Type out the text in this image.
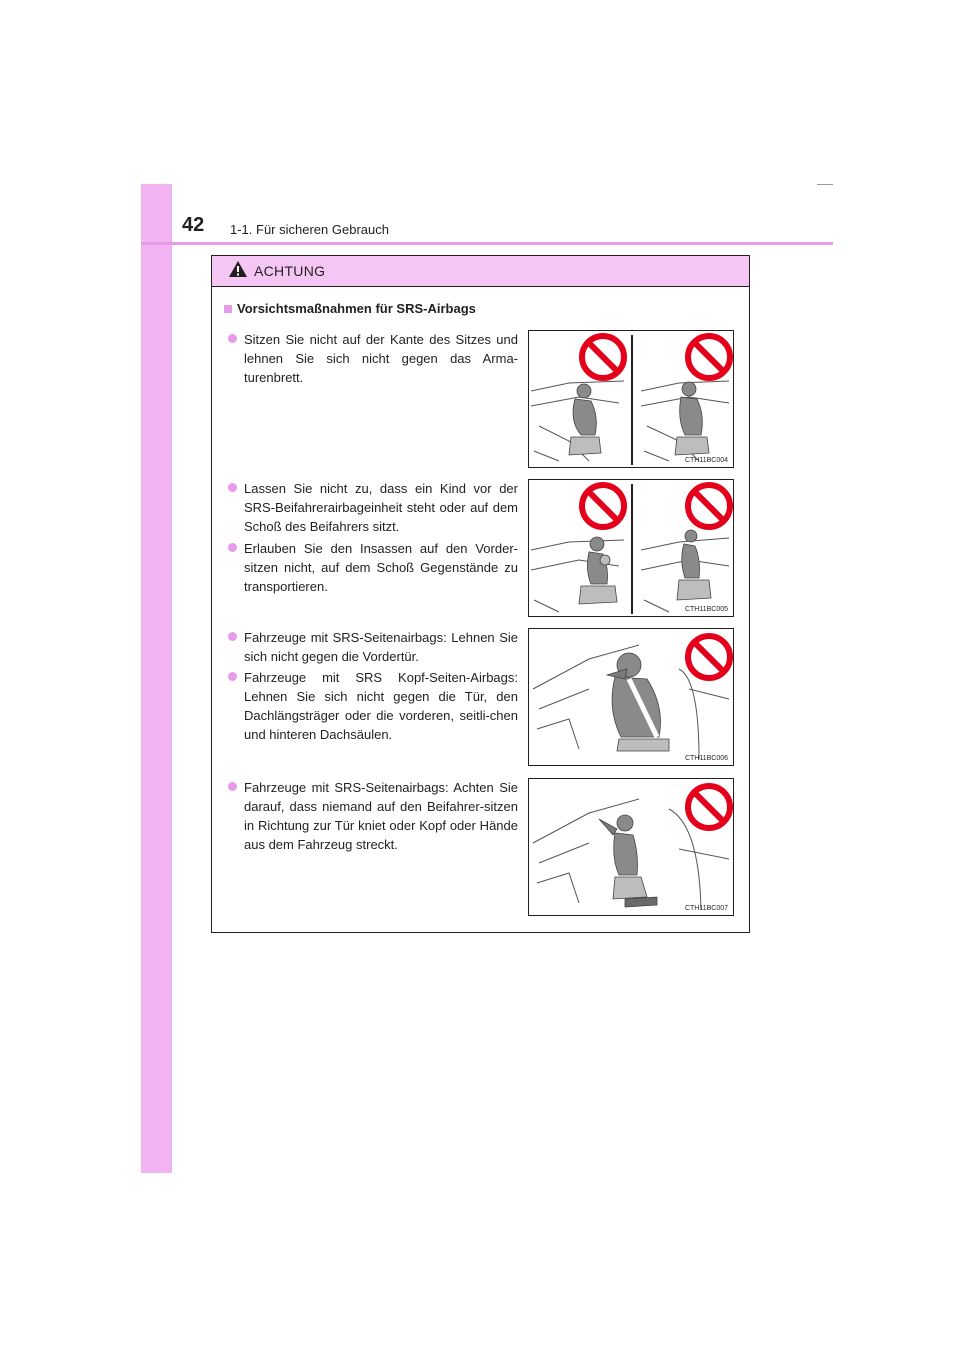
42 1-1. Für sicheren Gebrauch
ACHTUNG
Vorsichtsmaßnahmen für SRS-Airbags
Sitzen Sie nicht auf der Kante des Sitzes und lehnen Sie sich nicht gegen das Arma-turenbrett.
Lassen Sie nicht zu, dass ein Kind vor der SRS-Beifahrerairbageinheit steht oder auf dem Schoß des Beifahrers sitzt.
Erlauben Sie den Insassen auf den Vorder-sitzen nicht, auf dem Schoß Gegenstände zu transportieren.
Fahrzeuge mit SRS-Seitenairbags: Lehnen Sie sich nicht gegen die Vordertür.
Fahrzeuge mit SRS Kopf-Seiten-Airbags: Lehnen Sie sich nicht gegen die Tür, den Dachlängsträger oder die vorderen, seitli-chen und hinteren Dachsäulen.
Fahrzeuge mit SRS-Seitenairbags: Achten Sie darauf, dass niemand auf den Beifahrer-sitzen in Richtung zur Tür kniet oder Kopf oder Hände aus dem Fahrzeug streckt.
CTH11BC004
CTH11BC005
CTH11BC006
CTH11BC007
